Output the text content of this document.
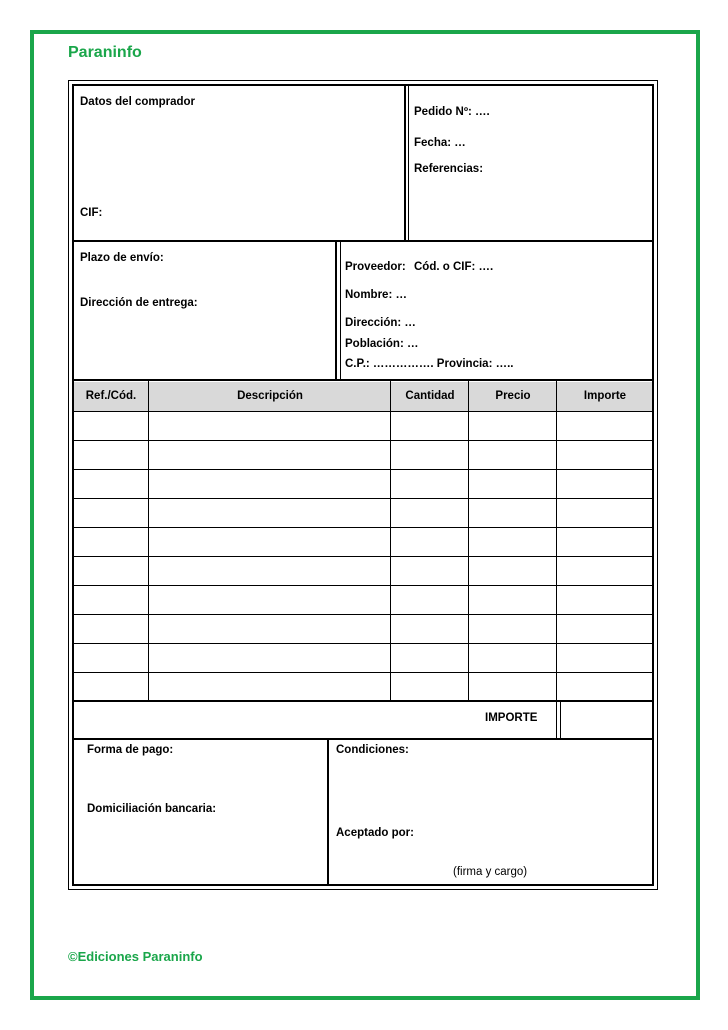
Paraninfo
Datos del comprador
CIF:
Pedido Nº: ….
Fecha: …
Referencias:
Plazo de envío:
Dirección de entrega:
Proveedor: Cód. o CIF: ….
Nombre: …
Dirección: …
Población: …
C.P.: ……………. Provincia: …..
Ref./Cód.	Descripción	Cantidad	Precio	Importe
IMPORTE
Forma de pago:
Domiciliación bancaria:
Condiciones:
Aceptado por:
(firma y cargo)
©Ediciones Paraninfo
